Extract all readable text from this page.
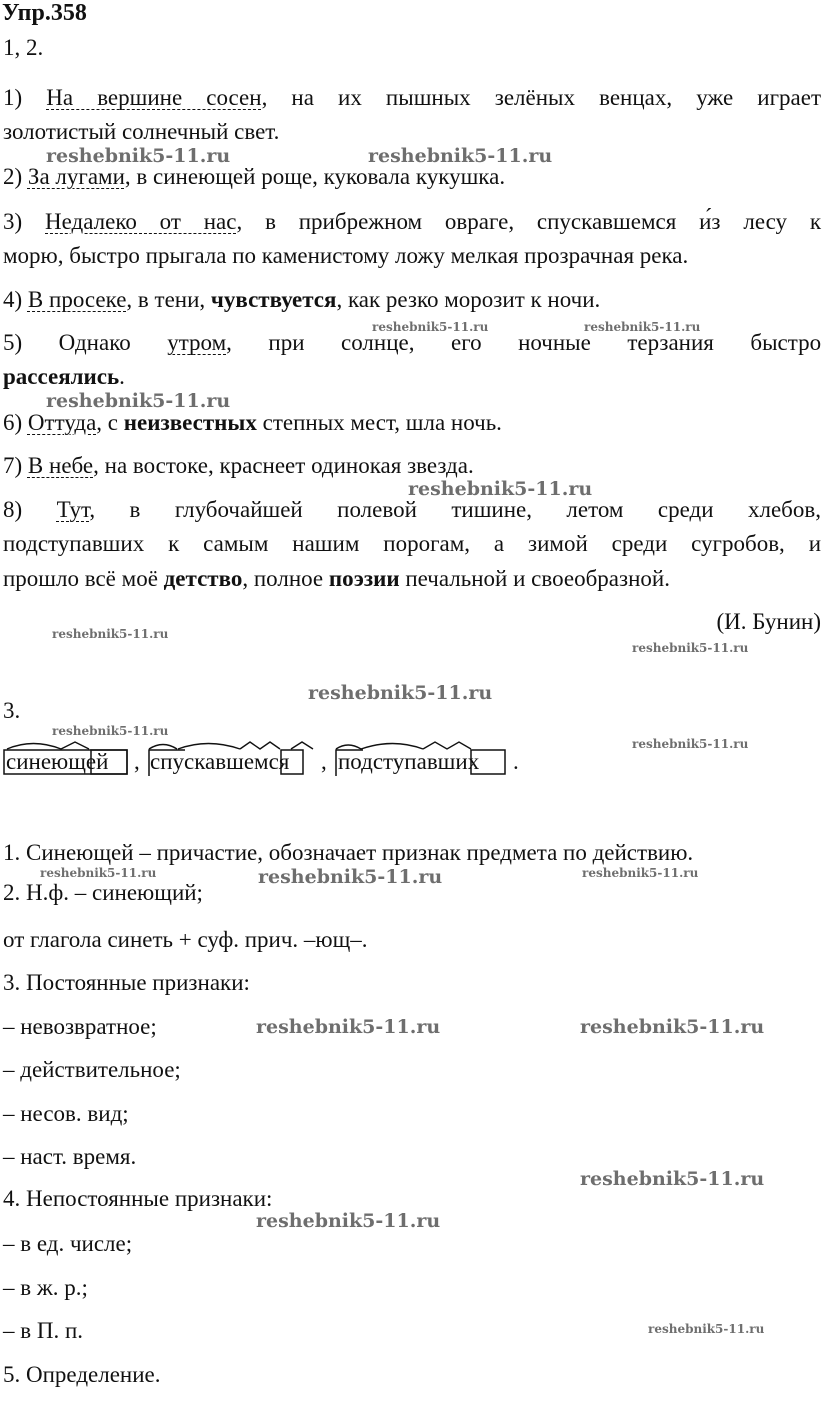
Упр.358
1, 2.
1) На вершине сосен, на их пышных зелёных венцах, уже играет
золотистый солнечный свет.
2) За лугами, в синеющей роще, куковала кукушка.
3) Недалеко от нас, в прибрежном овраге, спускавшемся и́з лесу к
морю, быстро прыгала по каменистому ложу мелкая прозрачная река.
4) В просеке, в тени, чувствуется, как резко морозит к ночи.
5) Однако утром, при солнце, его ночные терзания быстро
рассеялись.
6) Оттуда, с неизвестных степных мест, шла ночь.
7) В небе, на востоке, краснеет одинокая звезда.
8) Тут, в глубочайшей полевой тишине, летом среди хлебов,
подступавших к самым нашим порогам, а зимой среди сугробов, и
прошло всё моё детство, полное поэзии печальной и своеобразной.
(И. Бунин)
3.
синеющей , спускавшемся , подступавших .
1. Синеющей – причастие, обозначает признак предмета по действию.
2. Н.ф. – синеющий;
от глагола синеть + суф. прич. –ющ–.
3. Постоянные признаки:
– невозвратное;
– действительное;
– несов. вид;
– наст. время.
4. Непостоянные признаки:
– в ед. числе;
– в ж. р.;
– в П. п.
5. Определение.
reshebnik5-11.ru	reshebnik5-11.ru
reshebnik5-11.ru	reshebnik5-11.ru
reshebnik5-11.ru
reshebnik5-11.ru
reshebnik5-11.ru
reshebnik5-11.ru
reshebnik5-11.ru
reshebnik5-11.ru
reshebnik5-11.ru
reshebnik5-11.ru	reshebnik5-11.ru	reshebnik5-11.ru
reshebnik5-11.ru	reshebnik5-11.ru
reshebnik5-11.ru
reshebnik5-11.ru
reshebnik5-11.ru
